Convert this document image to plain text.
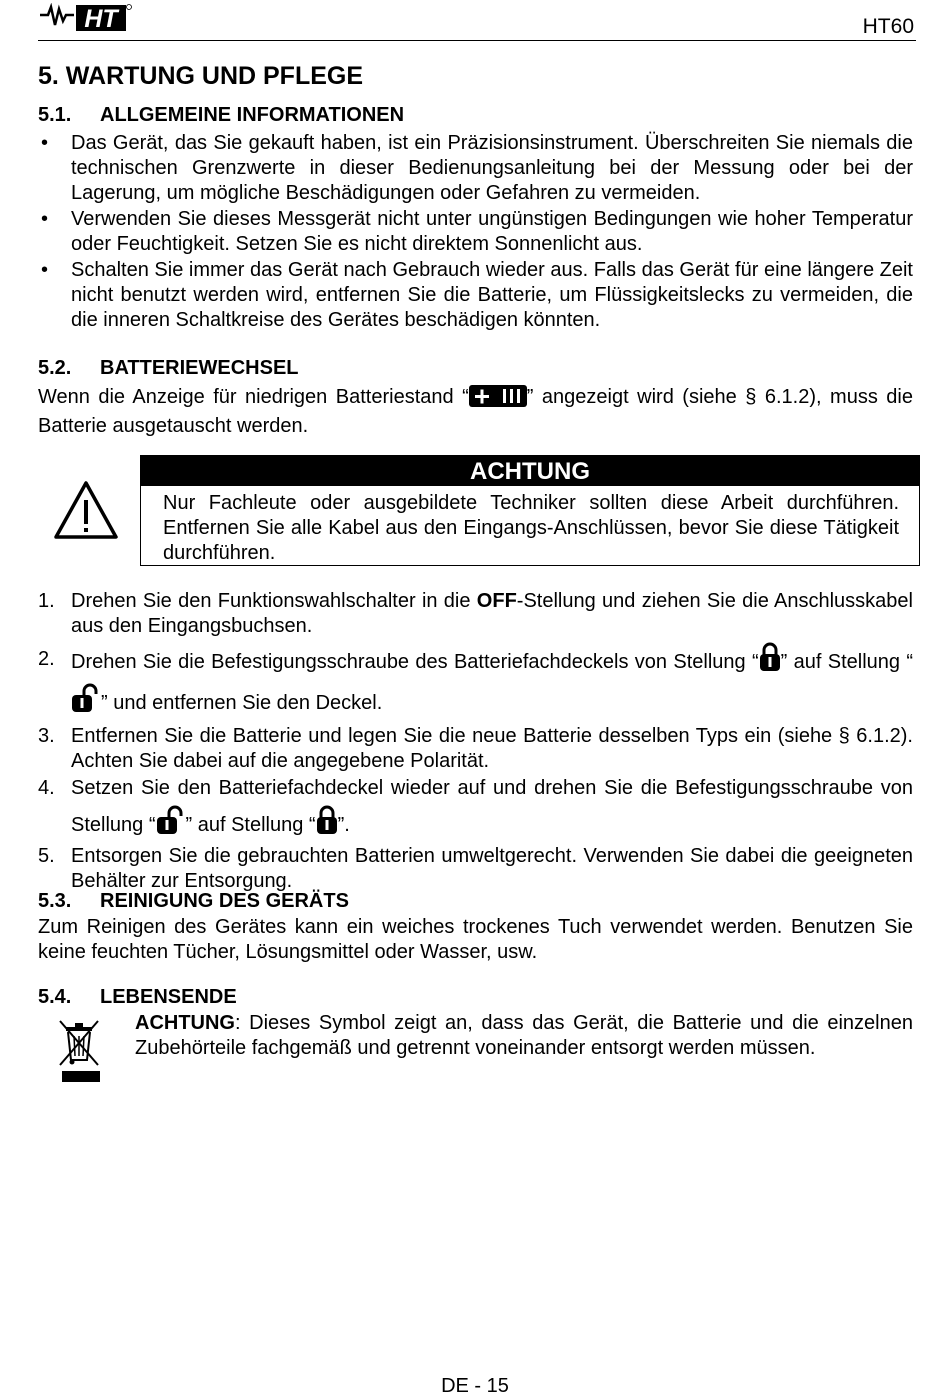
HT	HT60
5. WARTUNG UND PFLEGE
5.1. ALLGEMEINE INFORMATIONEN
• Das Gerät, das Sie gekauft haben, ist ein Präzisionsinstrument. Überschreiten Sie niemals die technischen Grenzwerte in dieser Bedienungsanleitung bei der Messung oder bei der Lagerung, um mögliche Beschädigungen oder Gefahren zu vermeiden.
• Verwenden Sie dieses Messgerät nicht unter ungünstigen Bedingungen wie hoher Temperatur oder Feuchtigkeit. Setzen Sie es nicht direktem Sonnenlicht aus.
• Schalten Sie immer das Gerät nach Gebrauch wieder aus. Falls das Gerät für eine längere Zeit nicht benutzt werden wird, entfernen Sie die Batterie, um Flüssigkeitslecks zu vermeiden, die die inneren Schaltkreise des Gerätes beschädigen könnten.
5.2. BATTERIEWECHSEL
Wenn die Anzeige für niedrigen Batteriestand “	” angezeigt wird (siehe § 6.1.2), muss die Batterie ausgetauscht werden.
ACHTUNG
Nur Fachleute oder ausgebildete Techniker sollten diese Arbeit durchführen. Entfernen Sie alle Kabel aus den Eingangs-Anschlüssen, bevor Sie diese Tätigkeit durchführen.
1. Drehen Sie den Funktionswahlschalter in die OFF-Stellung und ziehen Sie die Anschlusskabel aus den Eingangsbuchsen.
2. Drehen Sie die Befestigungsschraube des Batteriefachdeckels von Stellung “ ” auf Stellung “” und entfernen Sie den Deckel.
3. Entfernen Sie die Batterie und legen Sie die neue Batterie desselben Typs ein (siehe § 6.1.2). Achten Sie dabei auf die angegebene Polarität.
4. Setzen Sie den Batteriefachdeckel wieder auf und drehen Sie die Befestigungsschraube von Stellung “ ” auf Stellung “ ”.
5. Entsorgen Sie die gebrauchten Batterien umweltgerecht. Verwenden Sie dabei die geeigneten Behälter zur Entsorgung.
5.3. REINIGUNG DES GERÄTS
Zum Reinigen des Gerätes kann ein weiches trockenes Tuch verwendet werden. Benutzen Sie keine feuchten Tücher, Lösungsmittel oder Wasser, usw.
5.4. LEBENSENDE
ACHTUNG: Dieses Symbol zeigt an, dass das Gerät, die Batterie und die einzelnen Zubehörteile fachgemäß und getrennt voneinander entsorgt werden müssen.
DE - 15
